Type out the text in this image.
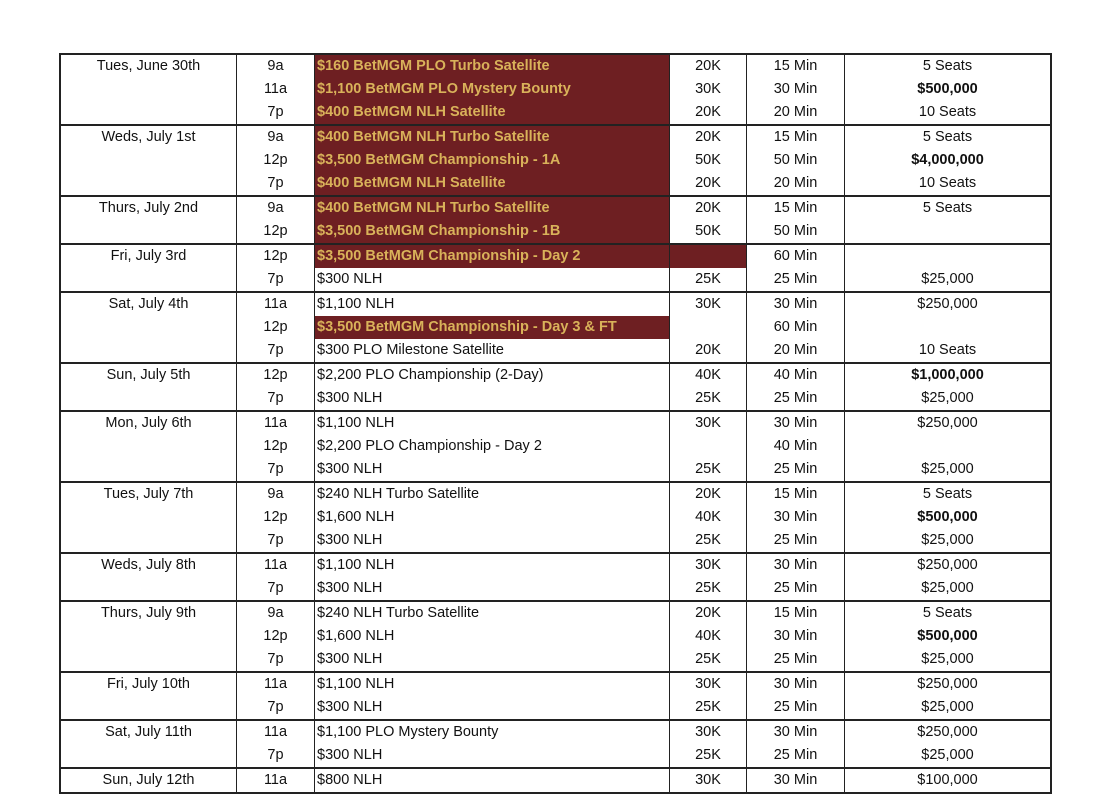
Tues, June 30th	9a	$160 BetMGM PLO Turbo Satellite	20K	15 Min	5 Seats
	11a	$1,100 BetMGM PLO Mystery Bounty	30K	30 Min	$500,000
	7p	$400 BetMGM NLH Satellite	20K	20 Min	10 Seats
Weds, July 1st	9a	$400 BetMGM NLH Turbo Satellite	20K	15 Min	5 Seats
	12p	$3,500 BetMGM Championship - 1A	50K	50 Min	$4,000,000
	7p	$400 BetMGM NLH Satellite	20K	20 Min	10 Seats
Thurs, July 2nd	9a	$400 BetMGM NLH Turbo Satellite	20K	15 Min	5 Seats
	12p	$3,500 BetMGM Championship - 1B	50K	50 Min	
Fri, July 3rd	12p	$3,500 BetMGM Championship - Day 2		60 Min	
	7p	$300 NLH	25K	25 Min	$25,000
Sat, July 4th	11a	$1,100 NLH	30K	30 Min	$250,000
	12p	$3,500 BetMGM Championship - Day 3 & FT		60 Min	
	7p	$300 PLO Milestone Satellite	20K	20 Min	10 Seats
Sun, July 5th	12p	$2,200 PLO Championship (2-Day)	40K	40 Min	$1,000,000
	7p	$300 NLH	25K	25 Min	$25,000
Mon, July 6th	11a	$1,100 NLH	30K	30 Min	$250,000
	12p	$2,200 PLO Championship - Day 2		40 Min	
	7p	$300 NLH	25K	25 Min	$25,000
Tues, July 7th	9a	$240 NLH Turbo Satellite	20K	15 Min	5 Seats
	12p	$1,600 NLH	40K	30 Min	$500,000
	7p	$300 NLH	25K	25 Min	$25,000
Weds, July 8th	11a	$1,100 NLH	30K	30 Min	$250,000
	7p	$300 NLH	25K	25 Min	$25,000
Thurs, July 9th	9a	$240 NLH Turbo Satellite	20K	15 Min	5 Seats
	12p	$1,600 NLH	40K	30 Min	$500,000
	7p	$300 NLH	25K	25 Min	$25,000
Fri, July 10th	11a	$1,100 NLH	30K	30 Min	$250,000
	7p	$300 NLH	25K	25 Min	$25,000
Sat, July 11th	11a	$1,100 PLO Mystery Bounty	30K	30 Min	$250,000
	7p	$300 NLH	25K	25 Min	$25,000
Sun, July 12th	11a	$800 NLH	30K	30 Min	$100,000
